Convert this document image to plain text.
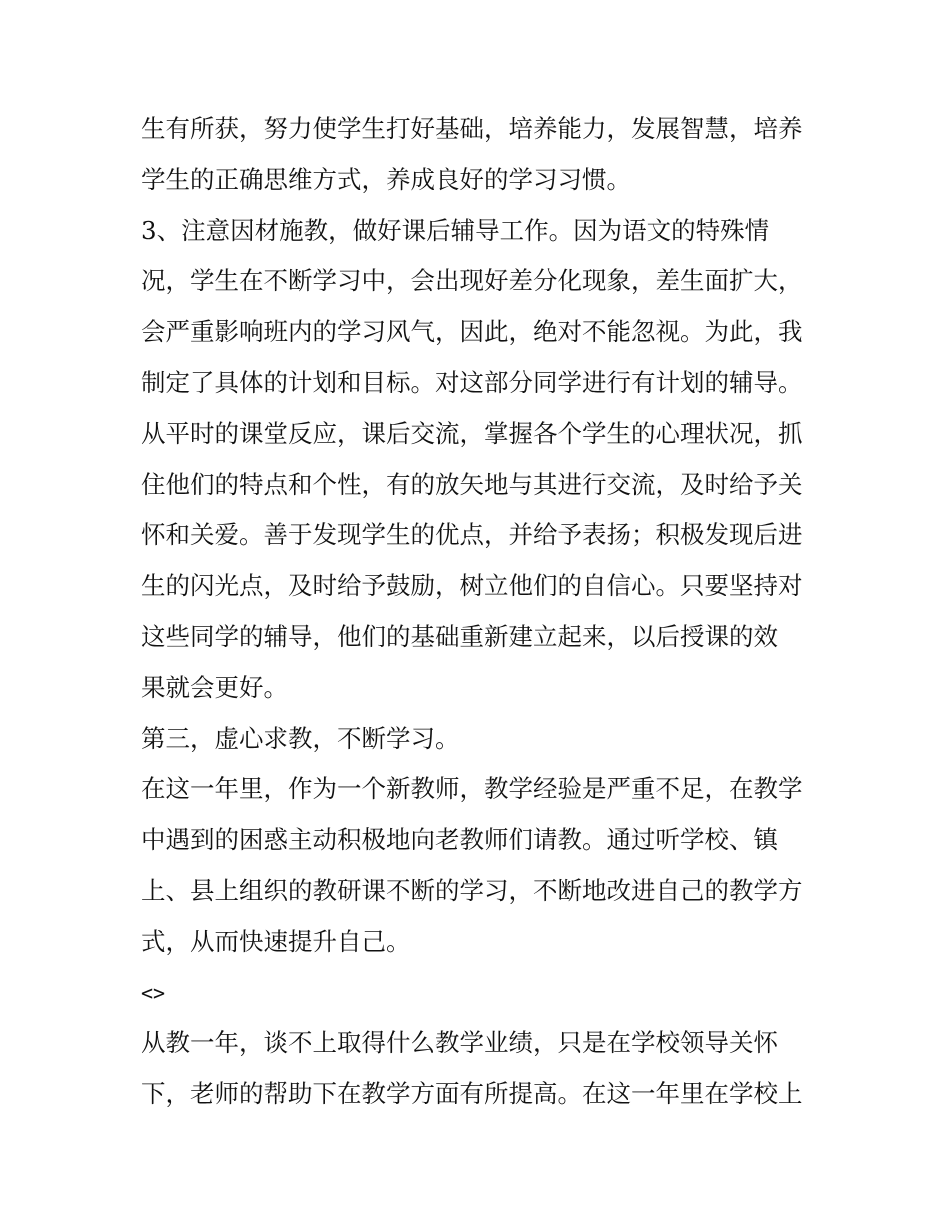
生有所获，努力使学生打好基础，培养能力，发展智慧，培养
学生的正确思维方式，养成良好的学习习惯。
3、注意因材施教，做好课后辅导工作。因为语文的特殊情
况，学生在不断学习中，会出现好差分化现象，差生面扩大，
会严重影响班内的学习风气，因此，绝对不能忽视。为此，我
制定了具体的计划和目标。对这部分同学进行有计划的辅导。
从平时的课堂反应，课后交流，掌握各个学生的心理状况，抓
住他们的特点和个性，有的放矢地与其进行交流，及时给予关
怀和关爱。善于发现学生的优点，并给予表扬；积极发现后进
生的闪光点，及时给予鼓励，树立他们的自信心。只要坚持对
这些同学的辅导，他们的基础重新建立起来，以后授课的效
果就会更好。
第三，虚心求教，不断学习。
在这一年里，作为一个新教师，教学经验是严重不足，在教学
中遇到的困惑主动积极地向老教师们请教。通过听学校、镇
上、县上组织的教研课不断的学习，不断地改进自己的教学方
式，从而快速提升自己。
<>
从教一年，谈不上取得什么教学业绩，只是在学校领导关怀
下，老师的帮助下在教学方面有所提高。在这一年里在学校上
